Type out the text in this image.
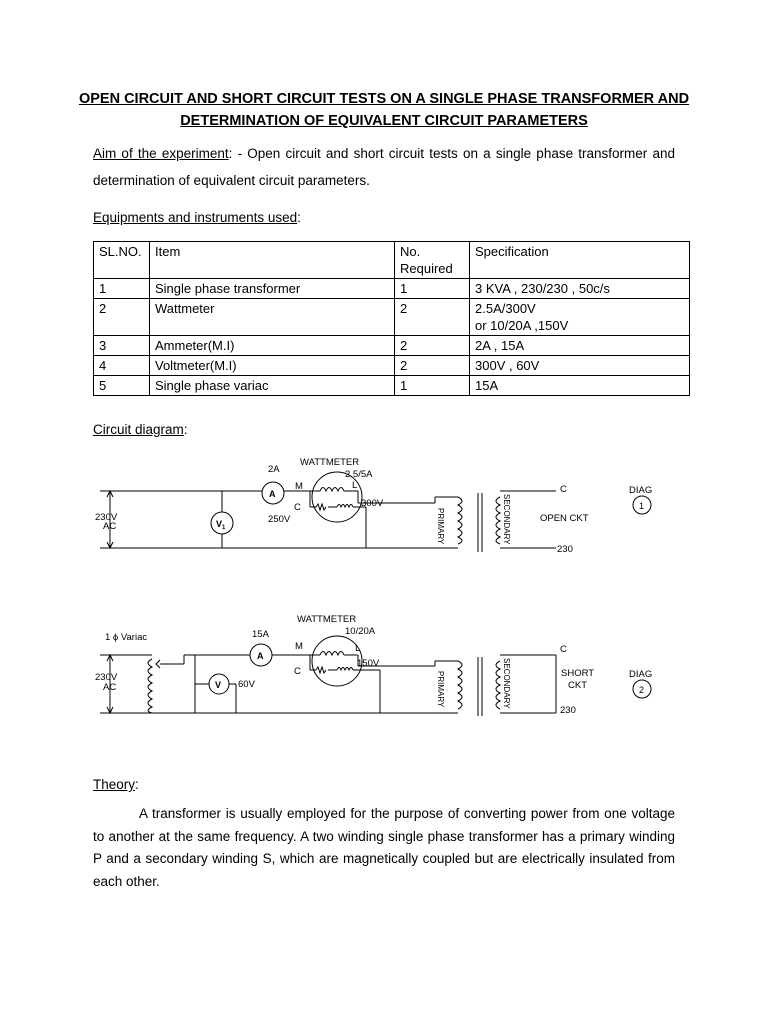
OPEN CIRCUIT AND SHORT CIRCUIT TESTS ON A SINGLE PHASE TRANSFORMER AND
DETERMINATION OF EQUIVALENT CIRCUIT PARAMETERS
Aim of the experiment: - Open circuit and short circuit tests on a single phase transformer and determination of equivalent circuit parameters.
Equipments and instruments used:
SL.NO.	Item	No. Required	Specification
1	Single phase transformer	1	3 KVA , 230/230 , 50c/s
2	Wattmeter	2	2.5A/300V
or 10/20A ,150V

3	Ammeter(M.I)	2	2A , 15A
4	Voltmeter(M.I)	2	300V , 60V
5	Single phase variac	1	15A
Circuit diagram:
WATTMETER
2A	2.5/5A
M	L
C	300V
250V
230V
AC
A
$V_1$	PRIMARY	SECONDARY
C
230
OPEN CKT
DIAG
1
1 ϕ Variac
WATTMETER
15A	10/20A
M	L
C
150V
60V
230V
AC
A
V	PRIMARY	SECONDARY
C
230
SHORT
CKT
DIAG
2
Theory:
A transformer is usually employed for the purpose of converting power from one voltage to another at the same frequency. A two winding single phase transformer has a primary winding P and a secondary winding S, which are magnetically coupled but are electrically insulated from each other.
